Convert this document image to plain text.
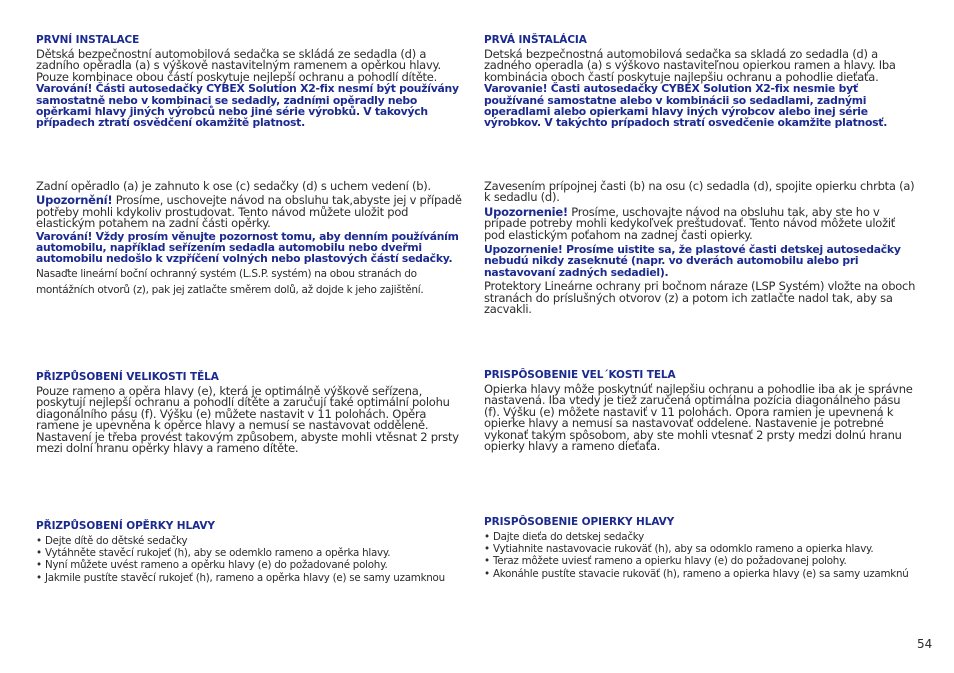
PRVNÍ INSTALACE

Dětská bezpečnostní automobilová sedačka se skládá ze sedadla (d) a zadního opěradla (a) s výškově nastavitelným ramenem a opěrkou hlavy. Pouze kombinace obou částí poskytuje nejlepší ochranu a pohodlí dítěte.

Varování! Části autosedačky CYBEX Solution X2-fix nesmí být používány samostatně nebo v kombinaci se sedadly, zadními opěradly nebo opěrkami hlavy jiných výrobců nebo jiné série výrobků. V takových případech ztratí osvědčení okamžitě platnost.

Zadní opěradlo (a) je zahnuto k ose (c) sedačky (d) s uchem vedení (b).

Upozornění! Prosíme, uschovejte návod na obsluhu tak,abyste jej v případě potřeby mohli kdykoliv prostudovat. Tento návod můžete uložit pod elastickým potahem na zadní části opěrky.

Varování! Vždy prosím věnujte pozornost tomu, aby denním používáním automobilu, například seřízením sedadla automobilu nebo dveřmi automobilu nedošlo k vzpříčení volných nebo plastových částí sedačky.

Nasaďte lineární boční ochranný systém (L.S.P. systém) na obou stranách do montážních otvorů (z), pak jej zatlačte směrem dolů, až dojde k jeho zajištění.

PŘIZPŮSOBENÍ VELIKOSTI TĚLA

Pouze rameno a opěra hlavy (e), která je optimálně výškově seřízena, poskytují nejlepší ochranu a pohodlí dítěte a zaručují také optimální polohu diagonálního pásu (f). Výšku (e) můžete nastavit v 11 polohách. Opěra ramene je upevněna k opěrce hlavy a nemusí se nastavovat odděleně. Nastavení je třeba provést takovým způsobem, abyste mohli vtěsnat 2 prsty mezi dolní hranu opěrky hlavy a rameno dítěte.

PŘIZPŮSOBENÍ OPĚRKY HLAVY
• Dejte dítě do dětské sedačky
• Vytáhněte stavěcí rukojeť (h), aby se odemklo rameno a opěrka hlavy.
• Nyní můžete uvést rameno a opěrku hlavy (e) do požadované polohy.
• Jakmile pustíte stavěcí rukojeť (h), rameno a opěrka hlavy (e) se samy uzamknou
PRVÁ INŠTALÁCIA

Detská bezpečnostná automobilová sedačka sa skladá zo sedadla (d) a zadného operadla (a) s výškovo nastaviteľnou opierkou ramen a hlavy. Iba kombinácia oboch častí poskytuje najlepšiu ochranu a pohodlie dieťaťa.

Varovanie! Časti autosedačky CYBEX Solution X2-fix nesmie byť používané samostatne alebo v kombinácii so sedadlami, zadnými operadlami alebo opierkami hlavy iných výrobcov alebo inej série výrobkov. V takýchto prípadoch stratí osvedčenie okamžite platnosť.

Zavesením prípojnej časti (b) na osu (c) sedadla (d), spojite opierku chrbta (a) k sedadlu (d).

Upozornenie! Prosíme, uschovajte návod na obsluhu tak, aby ste ho v prípade potreby mohli kedykoľvek preštudovať. Tento návod môžete uložiť pod elastickým poťahom na zadnej časti opierky.

Upozornenie! Prosíme uistite sa, že plastové časti detskej autosedačky nebudú nikdy zaseknuté (napr. vo dverách automobilu alebo pri nastavovaní zadných sedadiel).

Protektory Lineárne ochrany pri bočnom náraze (LSP Systém) vložte na oboch stranách do príslušných otvorov (z) a potom ich zatlačte nadol tak, aby sa zacvakli.

PRISPÔSOBENIE VEL´KOSTI TELA

Opierka hlavy môže poskytnúť najlepšiu ochranu a pohodlie iba ak je správne nastavená. Iba vtedy je tiež zaručená optimálna pozícia diagonálneho pásu (f). Výšku (e) môžete nastaviť v 11 polohách. Opora ramien je upevnená k opierke hlavy a nemusí sa nastavovať oddelene. Nastavenie je potrebné vykonať takým spôsobom, aby ste mohli vtesnať 2 prsty medzi dolnú hranu opierky hlavy a rameno dieťaťa.

PRISPÔSOBENIE OPIERKY HLAVY
• Dajte dieťa do detskej sedačky
• Vytiahnite nastavovacie rukoväť (h), aby sa odomklo rameno a opierka hlavy.
• Teraz môžete uviesť rameno a opierku hlavy (e) do požadovanej polohy.
• Akonáhle pustíte stavacie rukoväť (h), rameno a opierka hlavy (e) sa samy uzamknú
54
